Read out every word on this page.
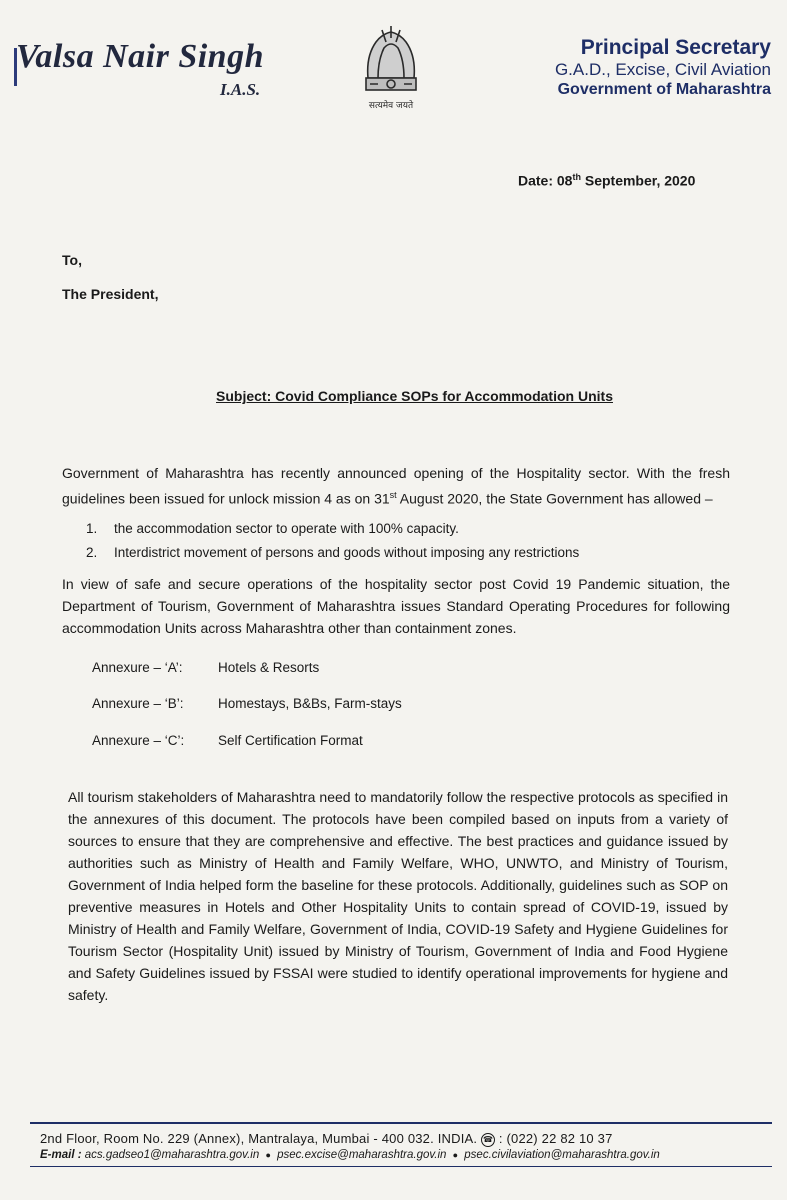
Valsa Nair Singh
I.A.S.
सत्यमेव जयते
Principal Secretary
G.A.D., Excise, Civil Aviation
Government of Maharashtra
Date: 08th September, 2020
To,
The President,
Subject: Covid Compliance SOPs for Accommodation Units
Government of Maharashtra has recently announced opening of the Hospitality sector. With the fresh guidelines been issued for unlock mission 4 as on 31st August 2020, the State Government has allowed –
1.	the accommodation sector to operate with 100% capacity.
2.	Interdistrict movement of persons and goods without imposing any restrictions
In view of safe and secure operations of the hospitality sector post Covid 19 Pandemic situation, the Department of Tourism, Government of Maharashtra issues Standard Operating Procedures for following accommodation Units across Maharashtra other than containment zones.
Annexure – ‘A’:	Hotels & Resorts
Annexure – ‘B’:	Homestays, B&Bs, Farm-stays
Annexure – ‘C’:	Self Certification Format
All tourism stakeholders of Maharashtra need to mandatorily follow the respective protocols as specified in the annexures of this document. The protocols have been compiled based on inputs from a variety of sources to ensure that they are comprehensive and effective. The best practices and guidance issued by authorities such as Ministry of Health and Family Welfare, WHO, UNWTO, and Ministry of Tourism, Government of India helped form the baseline for these protocols. Additionally, guidelines such as SOP on preventive measures in Hotels and Other Hospitality Units to contain spread of COVID-19, issued by Ministry of Health and Family Welfare, Government of India, COVID-19 Safety and Hygiene Guidelines for Tourism Sector (Hospitality Unit) issued by Ministry of Tourism, Government of India and Food Hygiene and Safety Guidelines issued by FSSAI were studied to identify operational improvements for hygiene and safety.
2nd Floor, Room No. 229 (Annex), Mantralaya, Mumbai - 400 032. INDIA. ☎ : (022) 22 82 10 37
E-mail : acs.gadseo1@maharashtra.gov.in ● psec.excise@maharashtra.gov.in ● psec.civilaviation@maharashtra.gov.in
